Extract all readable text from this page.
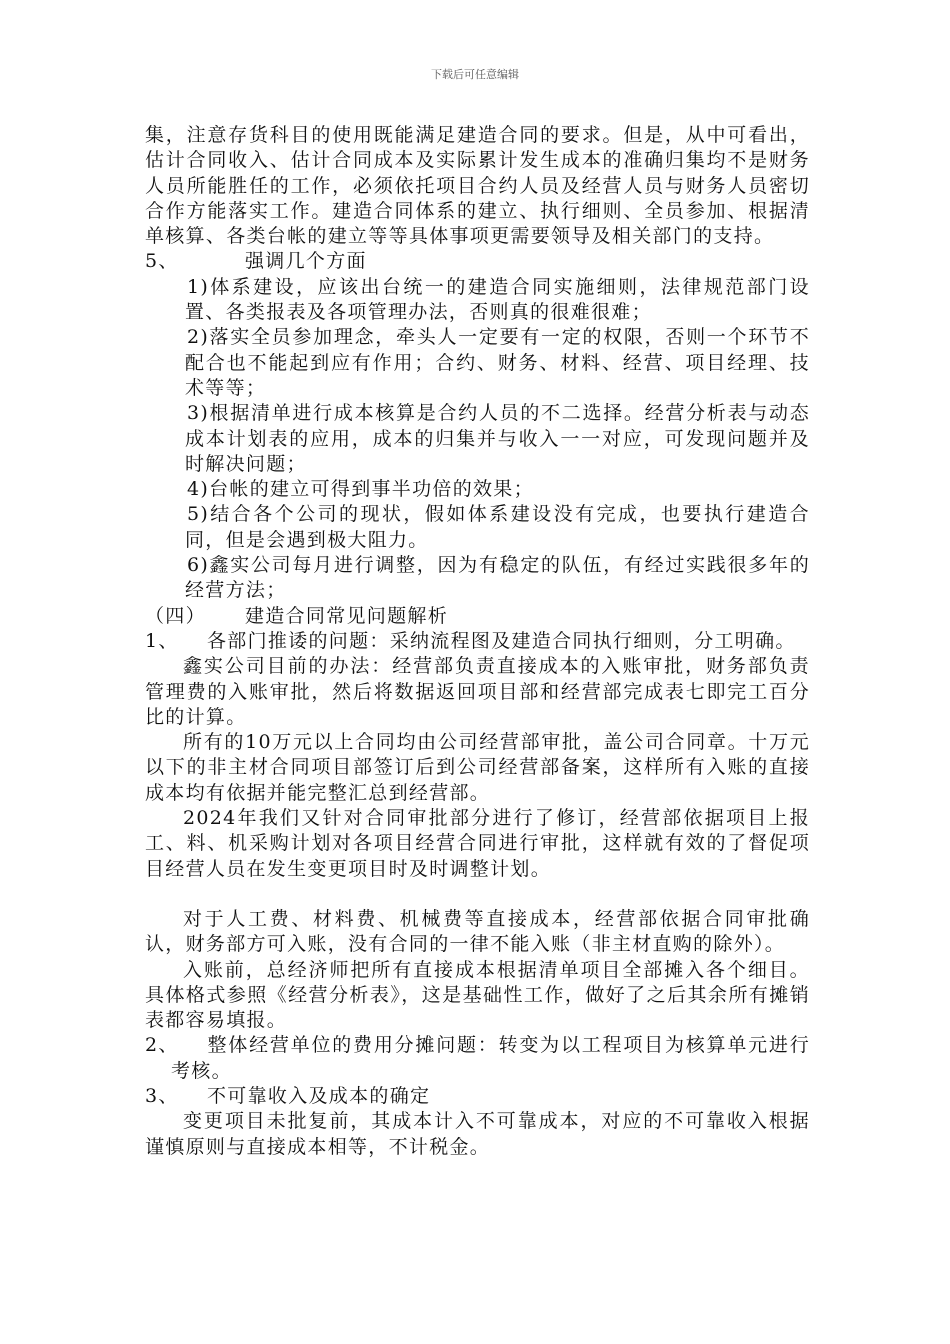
下载后可任意编辑

集，注意存货科目的使用既能满足建造合同的要求。但是，从中可看出，估计合同收入、估计合同成本及实际累计发生成本的准确归集均不是财务人员所能胜任的工作，必须依托项目合约人员及经营人员与财务人员密切合作方能落实工作。建造合同体系的建立、执行细则、全员参加、根据清单核算、各类台帐的建立等等具体事项更需要领导及相关部门的支持。

5、	强调几个方面

1)体系建设，应该出台统一的建造合同实施细则，法律规范部门设置、各类报表及各项管理办法，否则真的很难很难；

2)落实全员参加理念，牵头人一定要有一定的权限，否则一个环节不配合也不能起到应有作用；合约、财务、材料、经营、项目经理、技术等等；

3)根据清单进行成本核算是合约人员的不二选择。经营分析表与动态成本计划表的应用，成本的归集并与收入一一对应，可发现问题并及时解决问题；

4)台帐的建立可得到事半功倍的效果；

5)结合各个公司的现状，假如体系建设没有完成，也要执行建造合同，但是会遇到极大阻力。

6)鑫实公司每月进行调整，因为有稳定的队伍，有经过实践很多年的经营方法；

（四） 建造合同常见问题解析

1、 各部门推诿的问题：采纳流程图及建造合同执行细则，分工明确。

鑫实公司目前的办法：经营部负责直接成本的入账审批，财务部负责管理费的入账审批，然后将数据返回项目部和经营部完成表七即完工百分比的计算。

所有的10万元以上合同均由公司经营部审批，盖公司合同章。十万元以下的非主材合同项目部签订后到公司经营部备案，这样所有入账的直接成本均有依据并能完整汇总到经营部。

2024年我们又针对合同审批部分进行了修订，经营部依据项目上报工、料、机采购计划对各项目经营合同进行审批，这样就有效的了督促项目经营人员在发生变更项目时及时调整计划。

对于人工费、材料费、机械费等直接成本，经营部依据合同审批确认，财务部方可入账，没有合同的一律不能入账（非主材直购的除外）。

入账前，总经济师把所有直接成本根据清单项目全部摊入各个细目。具体格式参照《经营分析表》，这是基础性工作，做好了之后其余所有摊销表都容易填报。

2、 整体经营单位的费用分摊问题：转变为以工程项目为核算单元进行考核。

3、 不可靠收入及成本的确定

变更项目未批复前，其成本计入不可靠成本，对应的不可靠收入根据谨慎原则与直接成本相等，不计税金。
